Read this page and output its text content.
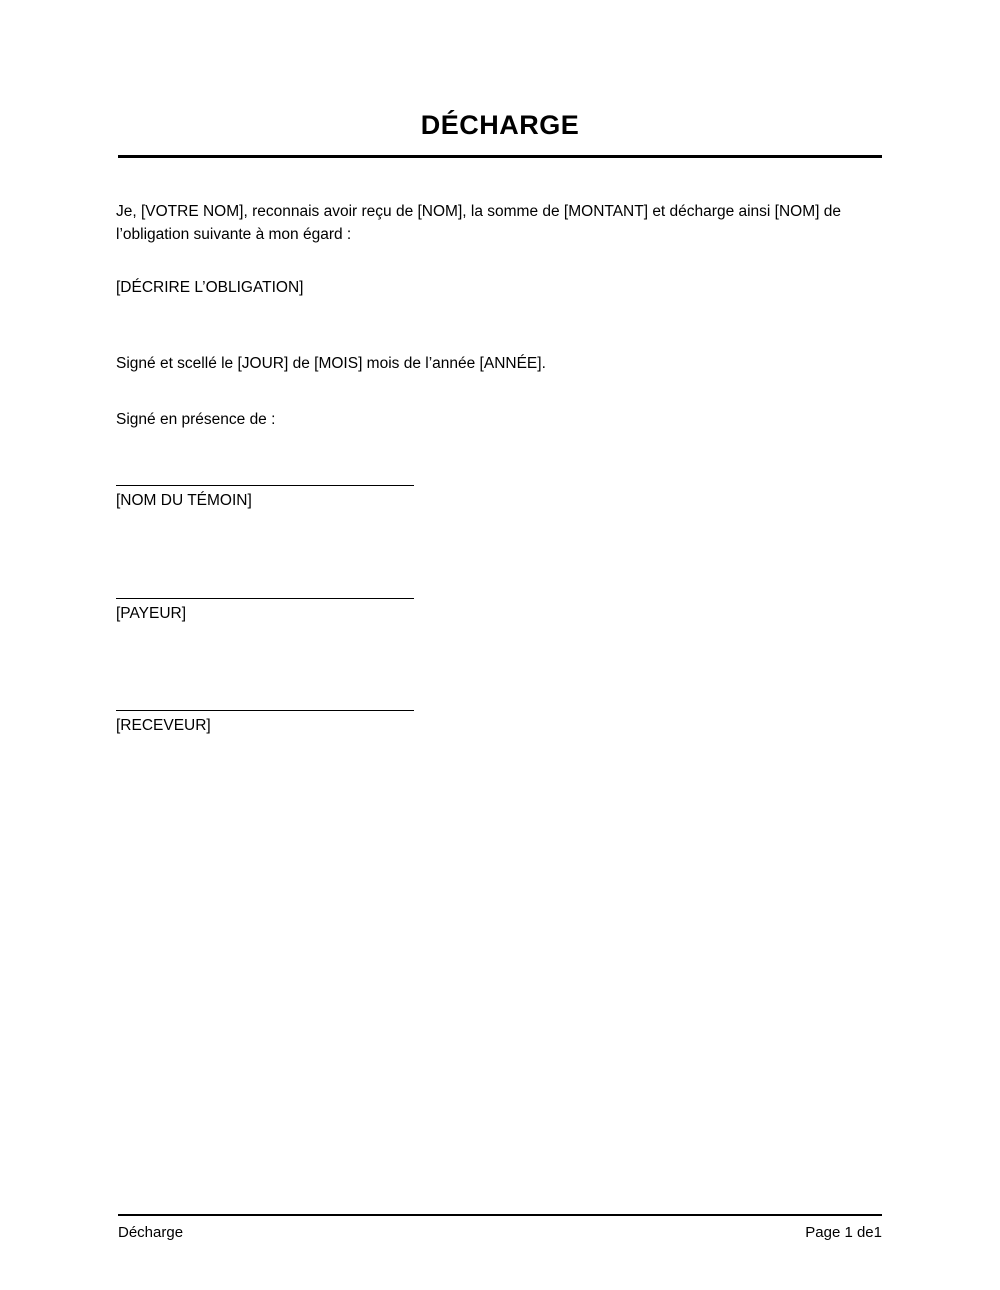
DÉCHARGE
Je, [VOTRE NOM], reconnais avoir reçu de [NOM], la somme de [MONTANT] et décharge ainsi [NOM] de l’obligation suivante à mon égard :
[DÉCRIRE L’OBLIGATION]
Signé et scellé le [JOUR] de [MOIS] mois de l’année [ANNÉE].
Signé en présence de :
[NOM DU TÉMOIN]
[PAYEUR]
[RECEVEUR]
Décharge	Page 1 de1
